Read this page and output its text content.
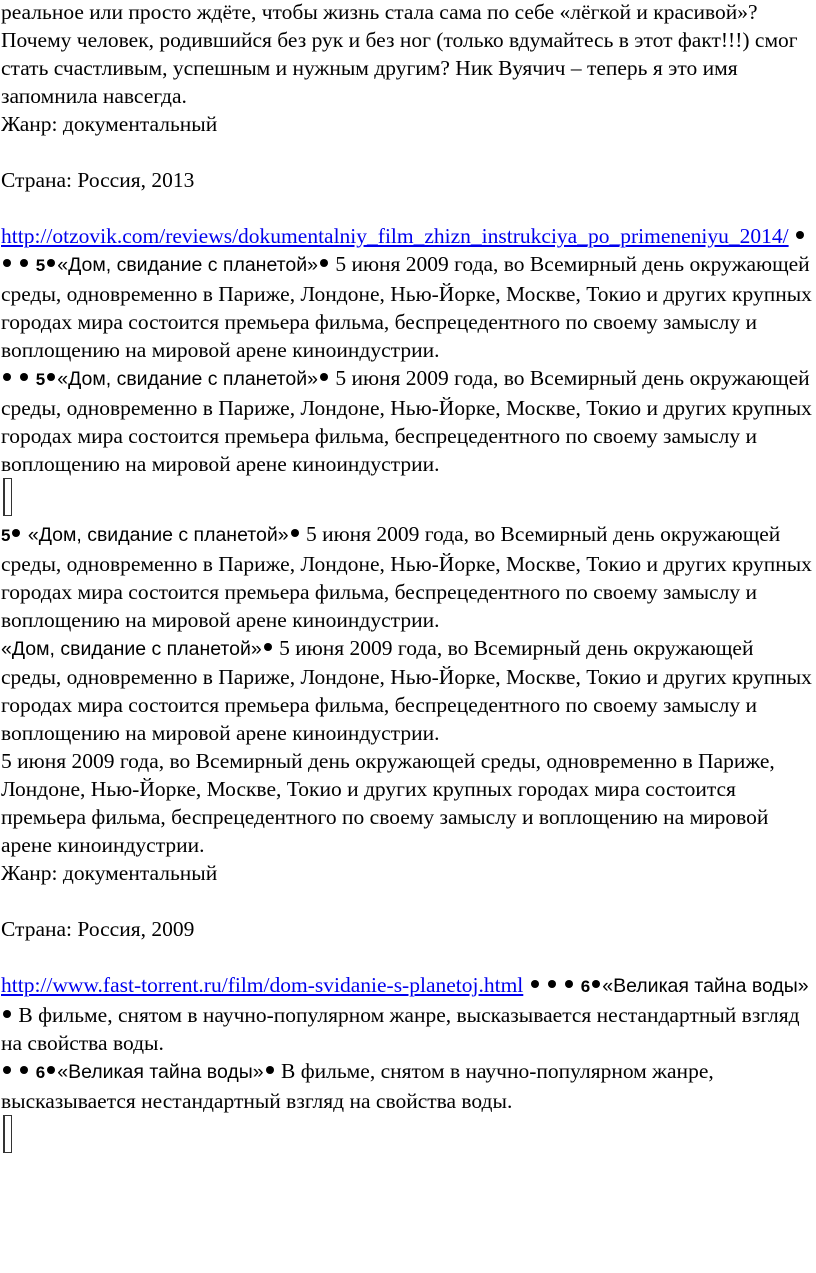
реальное или просто ждёте, чтобы жизнь стала сама по себе «лёгкой и красивой»?

Почему человек, родившийся без рук и без ног (только вдумайтесь в этот факт!!!) смог стать счастливым, успешным и нужным другим? Ник Вуячич – теперь я это имя запомнила навсегда.

Жанр: документальный

Страна: Россия, 2013

http://otzovik.com/reviews/dokumentalniy_film_zhizn_instrukciya_po_primeneniyu_2014/    5 «Дом, свидание с планетой» 5 июня 2009 года, во Всемирный день окружающей среды, одновременно в Париже, Лондоне, Нью-Йорке, Москве, Токио и других крупных городах мира состоится премьера фильма, беспрецедентного по своему замыслу и воплощению на мировой арене киноиндустрии.

5 «Дом, свидание с планетой» 5 июня 2009 года, во Всемирный день окружающей среды, одновременно в Париже, Лондоне, Нью-Йорке, Москве, Токио и других крупных городах мира состоится премьера фильма, беспрецедентного по своему замыслу и воплощению на мировой арене киноиндустрии.

5 «Дом, свидание с планетой» 5 июня 2009 года, во Всемирный день окружающей среды, одновременно в Париже, Лондоне, Нью-Йорке, Москве, Токио и других крупных городах мира состоится премьера фильма, беспрецедентного по своему замыслу и воплощению на мировой арене киноиндустрии.

«Дом, свидание с планетой» 5 июня 2009 года, во Всемирный день окружающей среды, одновременно в Париже, Лондоне, Нью-Йорке, Москве, Токио и других крупных городах мира состоится премьера фильма, беспрецедентного по своему замыслу и воплощению на мировой арене киноиндустрии.

5 июня 2009 года, во Всемирный день окружающей среды, одновременно в Париже, Лондоне, Нью-Йорке, Москве, Токио и других крупных городах мира состоится премьера фильма, беспрецедентного по своему замыслу и воплощению на мировой арене киноиндустрии.

Жанр: документальный

Страна: Россия, 2009

http://www.fast-torrent.ru/film/dom-svidanie-s-planetoj.html	6 «Великая тайна воды» В фильме, снятом в научно-популярном жанре, высказывается нестандартный взгляд на свойства воды.

6 «Великая тайна воды» В фильме, снятом в научно-популярном жанре, высказывается нестандартный взгляд на свойства воды.
